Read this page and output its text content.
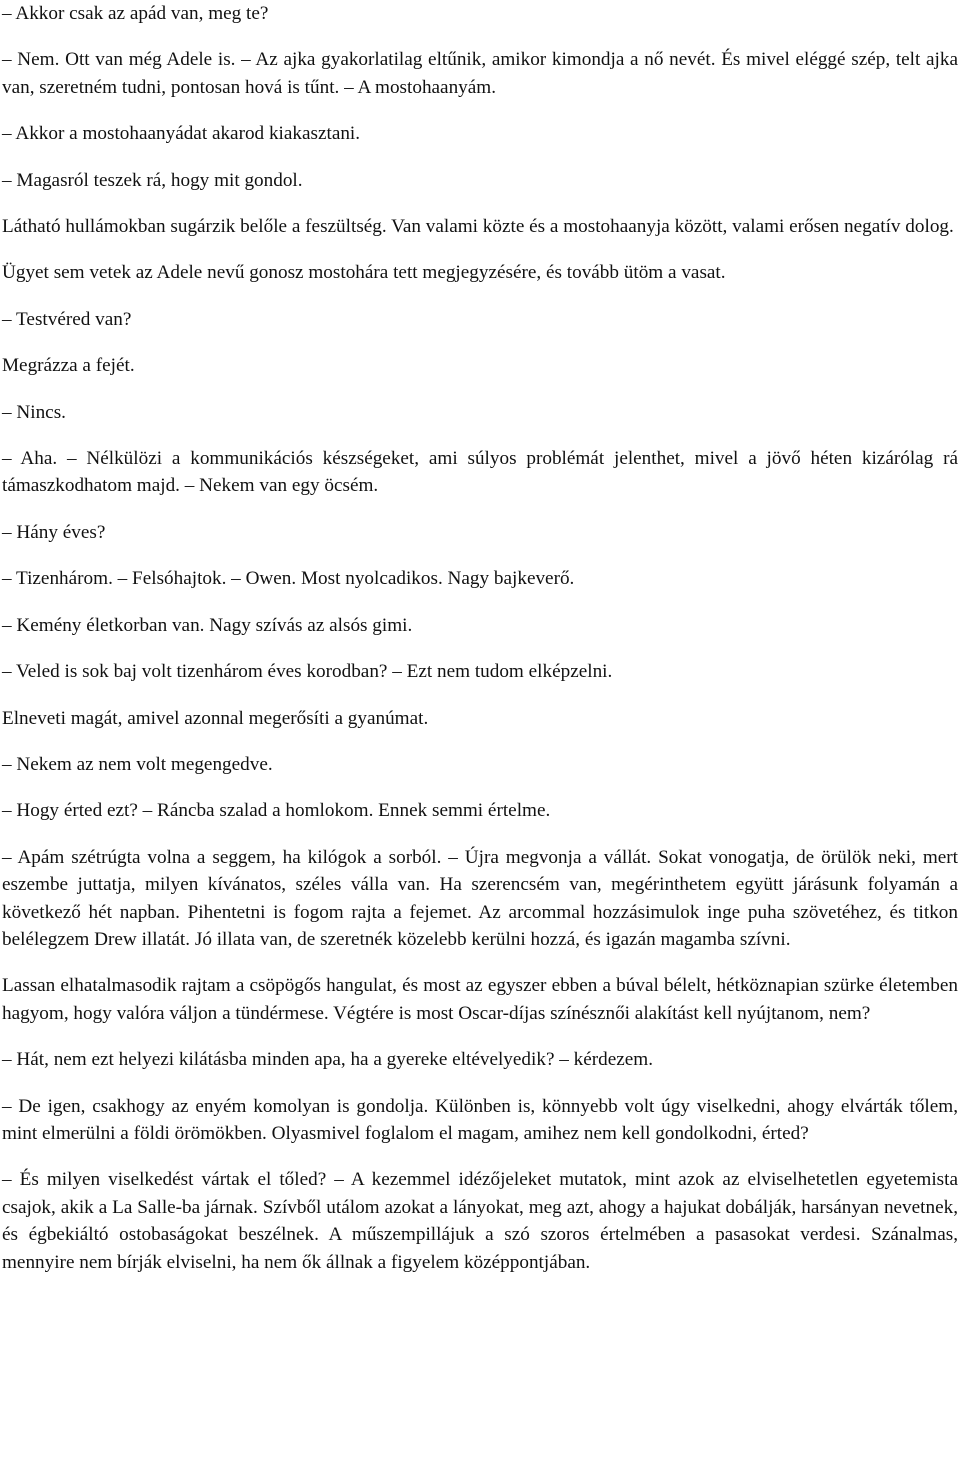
– Akkor csak az apád van, meg te?

– Nem. Ott van még Adele is. – Az ajka gyakorlatilag eltűnik, amikor kimondja a nő nevét. És mivel eléggé szép, telt ajka van, szeretném tudni, pontosan hová is tűnt. – A mostohaanyám.

– Akkor a mostohaanyádat akarod kiakasztani.

– Magasról teszek rá, hogy mit gondol.

Látható hullámokban sugárzik belőle a feszültség. Van valami közte és a mostohaanyja között, valami erősen negatív dolog.

Ügyet sem vetek az Adele nevű gonosz mostohára tett megjegyzésére, és tovább ütöm a vasat.

– Testvéred van?

Megrázza a fejét.

– Nincs.

– Aha. – Nélkülözi a kommunikációs készségeket, ami súlyos problémát jelenthet, mivel a jövő héten kizárólag rá támaszkodhatom majd. – Nekem van egy öcsém.

– Hány éves?

– Tizenhárom. – Felsóhajtok. – Owen. Most nyolcadikos. Nagy bajkeverő.

– Kemény életkorban van. Nagy szívás az alsós gimi.

– Veled is sok baj volt tizenhárom éves korodban? – Ezt nem tudom elképzelni.

Elneveti magát, amivel azonnal megerősíti a gyanúmat.

– Nekem az nem volt megengedve.

– Hogy érted ezt? – Ráncba szalad a homlokom. Ennek semmi értelme.

– Apám szétrúgta volna a seggem, ha kilógok a sorból. – Újra megvonja a vállát. Sokat vonogatja, de örülök neki, mert eszembe juttatja, milyen kívánatos, széles válla van. Ha szerencsém van, megérinthetem együtt járásunk folyamán a következő hét napban. Pihentetni is fogom rajta a fejemet. Az arcommal hozzásimulok inge puha szövetéhez, és titkon belélegzem Drew illatát. Jó illata van, de szeretnék közelebb kerülni hozzá, és igazán magamba szívni.

Lassan elhatalmasodik rajtam a csöpögős hangulat, és most az egyszer ebben a búval bélelt, hétköznapian szürke életemben hagyom, hogy valóra váljon a tündérmese. Végtére is most Oscar-díjas színésznői alakítást kell nyújtanom, nem?

– Hát, nem ezt helyezi kilátásba minden apa, ha a gyereke eltévelyedik? – kérdezem.

– De igen, csakhogy az enyém komolyan is gondolja. Különben is, könnyebb volt úgy viselkedni, ahogy elvárták tőlem, mint elmerülni a földi örömökben. Olyasmivel foglalom el magam, amihez nem kell gondolkodni, érted?

– És milyen viselkedést vártak el tőled? – A kezemmel idézőjeleket mutatok, mint azok az elviselhetetlen egyetemista csajok, akik a La Salle-ba járnak. Szívből utálom azokat a lányokat, meg azt, ahogy a hajukat dobálják, harsányan nevetnek, és égbekiáltó ostobaságokat beszélnek. A műszempillájuk a szó szoros értelmében a pasasokat verdesi. Szánalmas, mennyire nem bírják elviselni, ha nem ők állnak a figyelem középpontjában.
